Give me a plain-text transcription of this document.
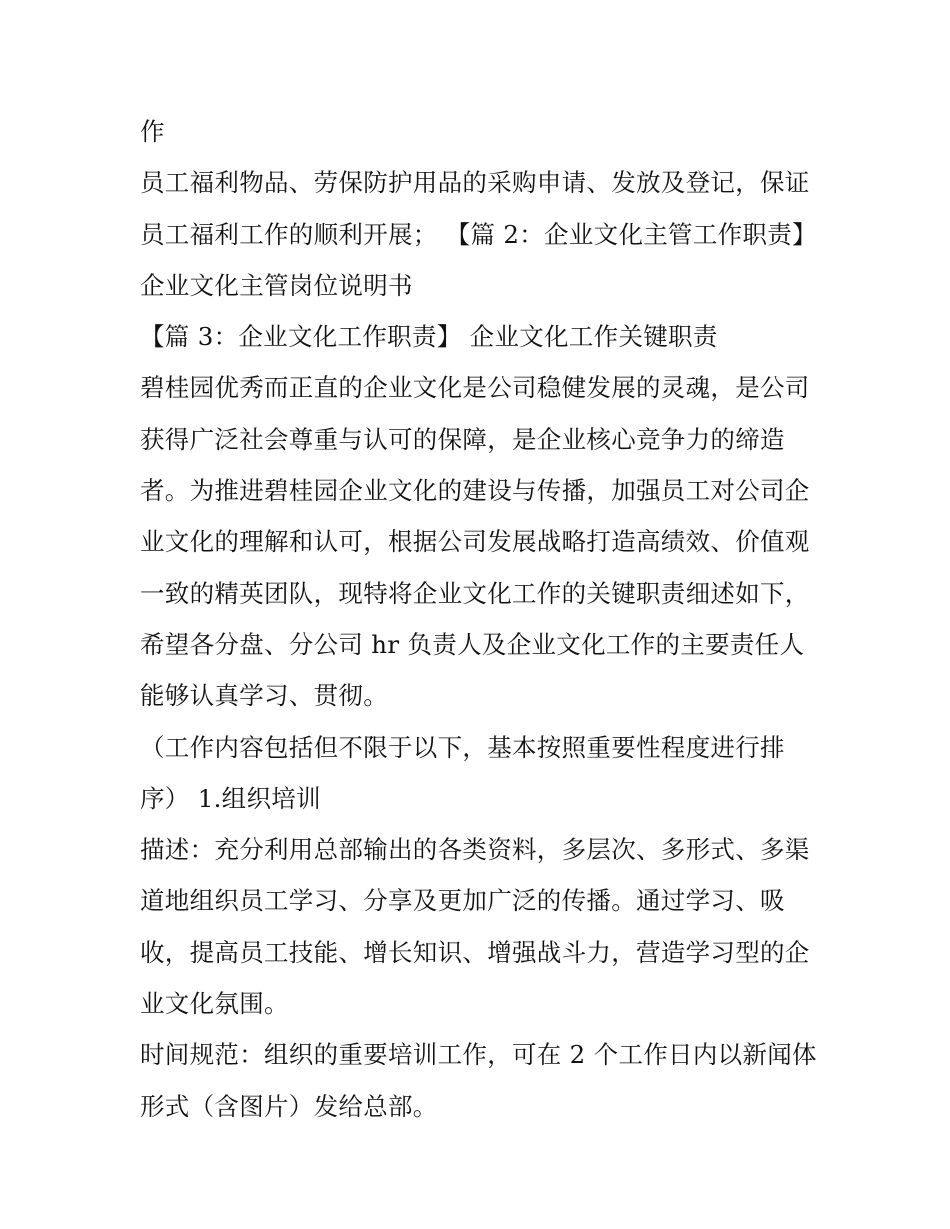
作
员工福利物品、劳保防护用品的采购申请、发放及登记，保证
员工福利工作的顺利开展； 【篇 2：企业文化主管工作职责】
企业文化主管岗位说明书
【篇 3：企业文化工作职责】 企业文化工作关键职责
碧桂园优秀而正直的企业文化是公司稳健发展的灵魂，是公司
获得广泛社会尊重与认可的保障，是企业核心竞争力的缔造
者。为推进碧桂园企业文化的建设与传播，加强员工对公司企
业文化的理解和认可，根据公司发展战略打造高绩效、价值观
一致的精英团队，现特将企业文化工作的关键职责细述如下，
希望各分盘、分公司 hr 负责人及企业文化工作的主要责任人
能够认真学习、贯彻。
（工作内容包括但不限于以下，基本按照重要性程度进行排
序） 1.组织培训
描述：充分利用总部输出的各类资料，多层次、多形式、多渠
道地组织员工学习、分享及更加广泛的传播。通过学习、吸
收，提高员工技能、增长知识、增强战斗力，营造学习型的企
业文化氛围。
时间规范：组织的重要培训工作，可在 2 个工作日内以新闻体
形式（含图片）发给总部。
